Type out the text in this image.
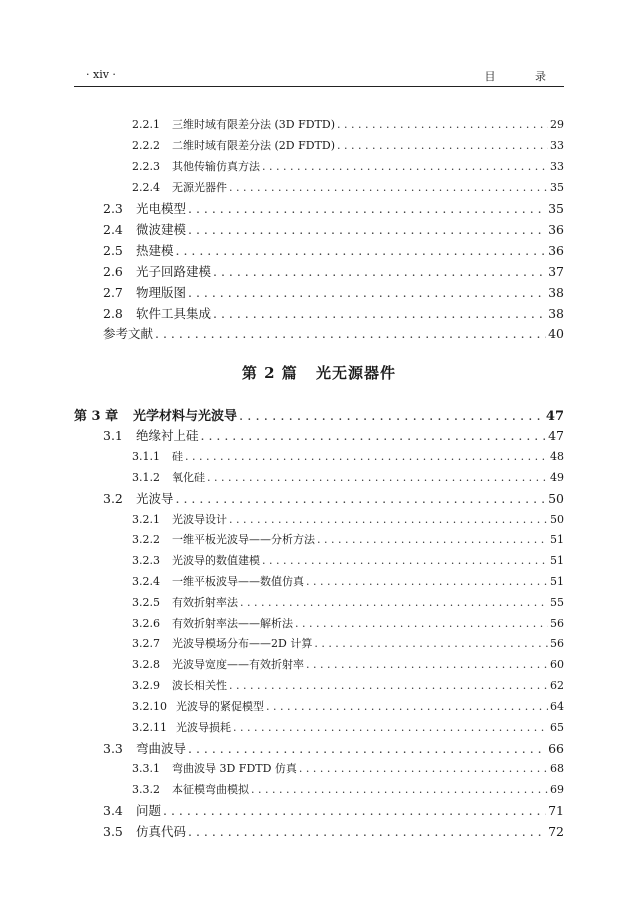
· xiv ·	目 录
第 2 篇 光无源器件
2.2.1	三维时域有限差分法 (3D FDTD) . . .	29
2.2.2	二维时域有限差分法 (2D FDTD) . . .	33
2.2.3	其他传输仿真方法 . . .	33
2.2.4	无源光器件 . . .	35
2.3	光电模型 . . .	35
2.4	微波建模 . . .	36
2.5	热建模 . . .	36
2.6	光子回路建模 . . .	37
2.7	物理版图 . . .	38
2.8	软件工具集成 . . .	38
参考文献 . . .	40
第 3 章	光学材料与光波导 . . .	47
3.1	绝缘衬上硅 . . .	47
3.1.1	硅 . . .	48
3.1.2	氧化硅 . . .	49
3.2	光波导 . . .	50
3.2.1	光波导设计 . . .	50
3.2.2	一维平板光波导——分析方法 . . .	51
3.2.3	光波导的数值建模 . . .	51
3.2.4	一维平板波导——数值仿真 . . .	51
3.2.5	有效折射率法 . . .	55
3.2.6	有效折射率法——解析法 . . .	56
3.2.7	光波导模场分布——2D 计算 . . .	56
3.2.8	光波导宽度——有效折射率 . . .	60
3.2.9	波长相关性 . . .	62
3.2.10 光波导的紧促模型 . . .	64
3.2.11 光波导损耗 . . .	65
3.3	弯曲波导 . . .	66
3.3.1	弯曲波导 3D FDTD 仿真 . . .	68
3.3.2	本征模弯曲模拟 . . .	69
3.4	问题 . . .	71
3.5	仿真代码 . . .	72
